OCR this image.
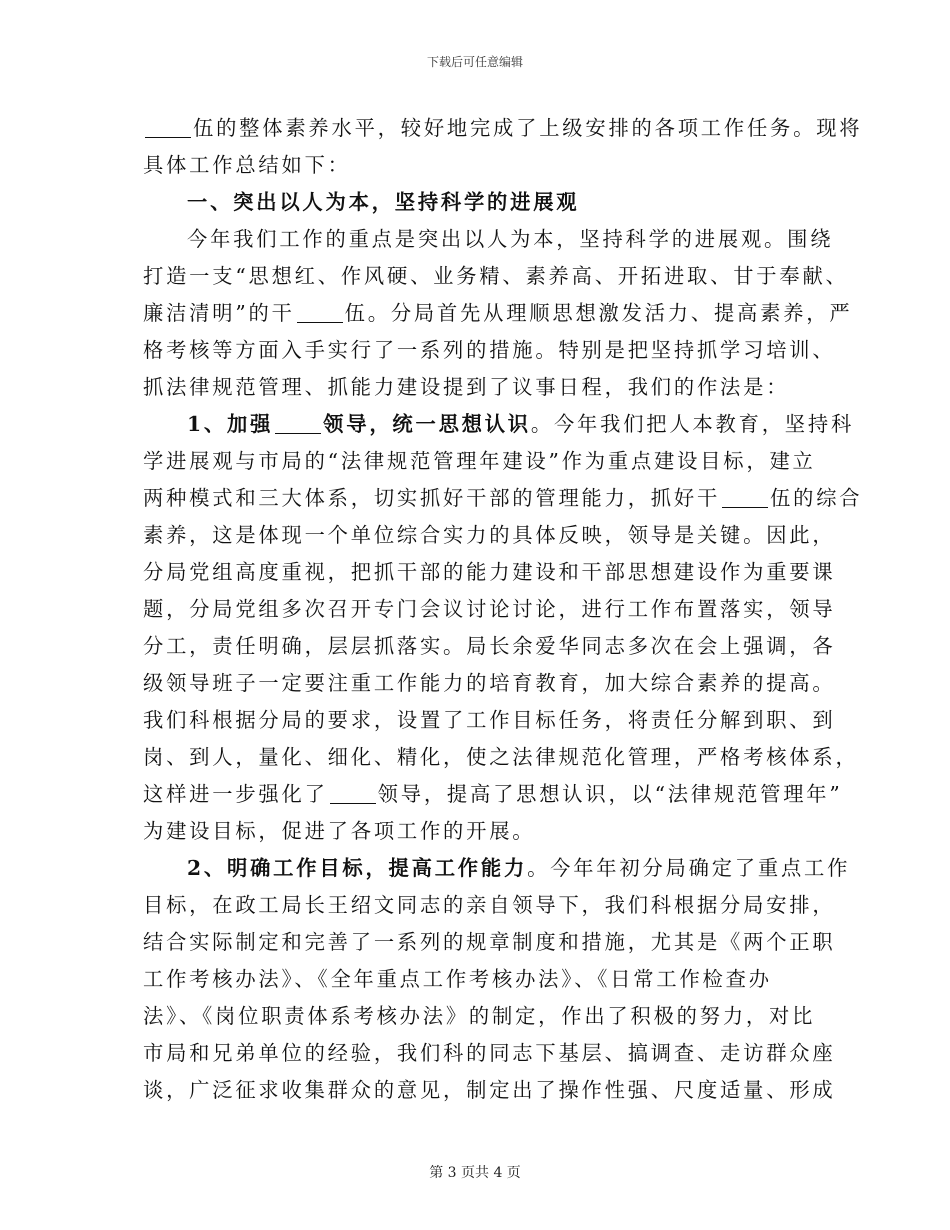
下载后可任意编辑
伍的整体素养水平，较好地完成了上级安排的各项工作任务。现将
具体工作总结如下：
一、突出以人为本，坚持科学的进展观
今年我们工作的重点是突出以人为本，坚持科学的进展观。围绕
打造一支“思想红、作风硬、业务精、素养高、开拓进取、甘于奉献、
廉洁清明”的干 伍。分局首先从理顺思想激发活力、提高素养，严
格考核等方面入手实行了一系列的措施。特别是把坚持抓学习培训、
抓法律规范管理、抓能力建设提到了议事日程，我们的作法是：
1、加强 领导，统一思想认识。今年我们把人本教育，坚持科
学进展观与市局的“法律规范管理年建设”作为重点建设目标，建立
两种模式和三大体系，切实抓好干部的管理能力，抓好干 伍的综合
素养，这是体现一个单位综合实力的具体反映，领导是关键。因此，
分局党组高度重视，把抓干部的能力建设和干部思想建设作为重要课
题，分局党组多次召开专门会议讨论讨论，进行工作布置落实，领导
分工，责任明确，层层抓落实。局长余爱华同志多次在会上强调，各
级领导班子一定要注重工作能力的培育教育，加大综合素养的提高。
我们科根据分局的要求，设置了工作目标任务，将责任分解到职、到
岗、到人，量化、细化、精化，使之法律规范化管理，严格考核体系，
这样进一步强化了 领导，提高了思想认识，以“法律规范管理年”
为建设目标，促进了各项工作的开展。
2、明确工作目标，提高工作能力。今年年初分局确定了重点工作
目标，在政工局长王绍文同志的亲自领导下，我们科根据分局安排，
结合实际制定和完善了一系列的规章制度和措施，尤其是《两个正职
工作考核办法》、《全年重点工作考核办法》、《日常工作检查办
法》、《岗位职责体系考核办法》的制定，作出了积极的努力，对比
市局和兄弟单位的经验，我们科的同志下基层、搞调查、走访群众座
谈，广泛征求收集群众的意见，制定出了操作性强、尺度适量、形成
第 3 页共 4 页
